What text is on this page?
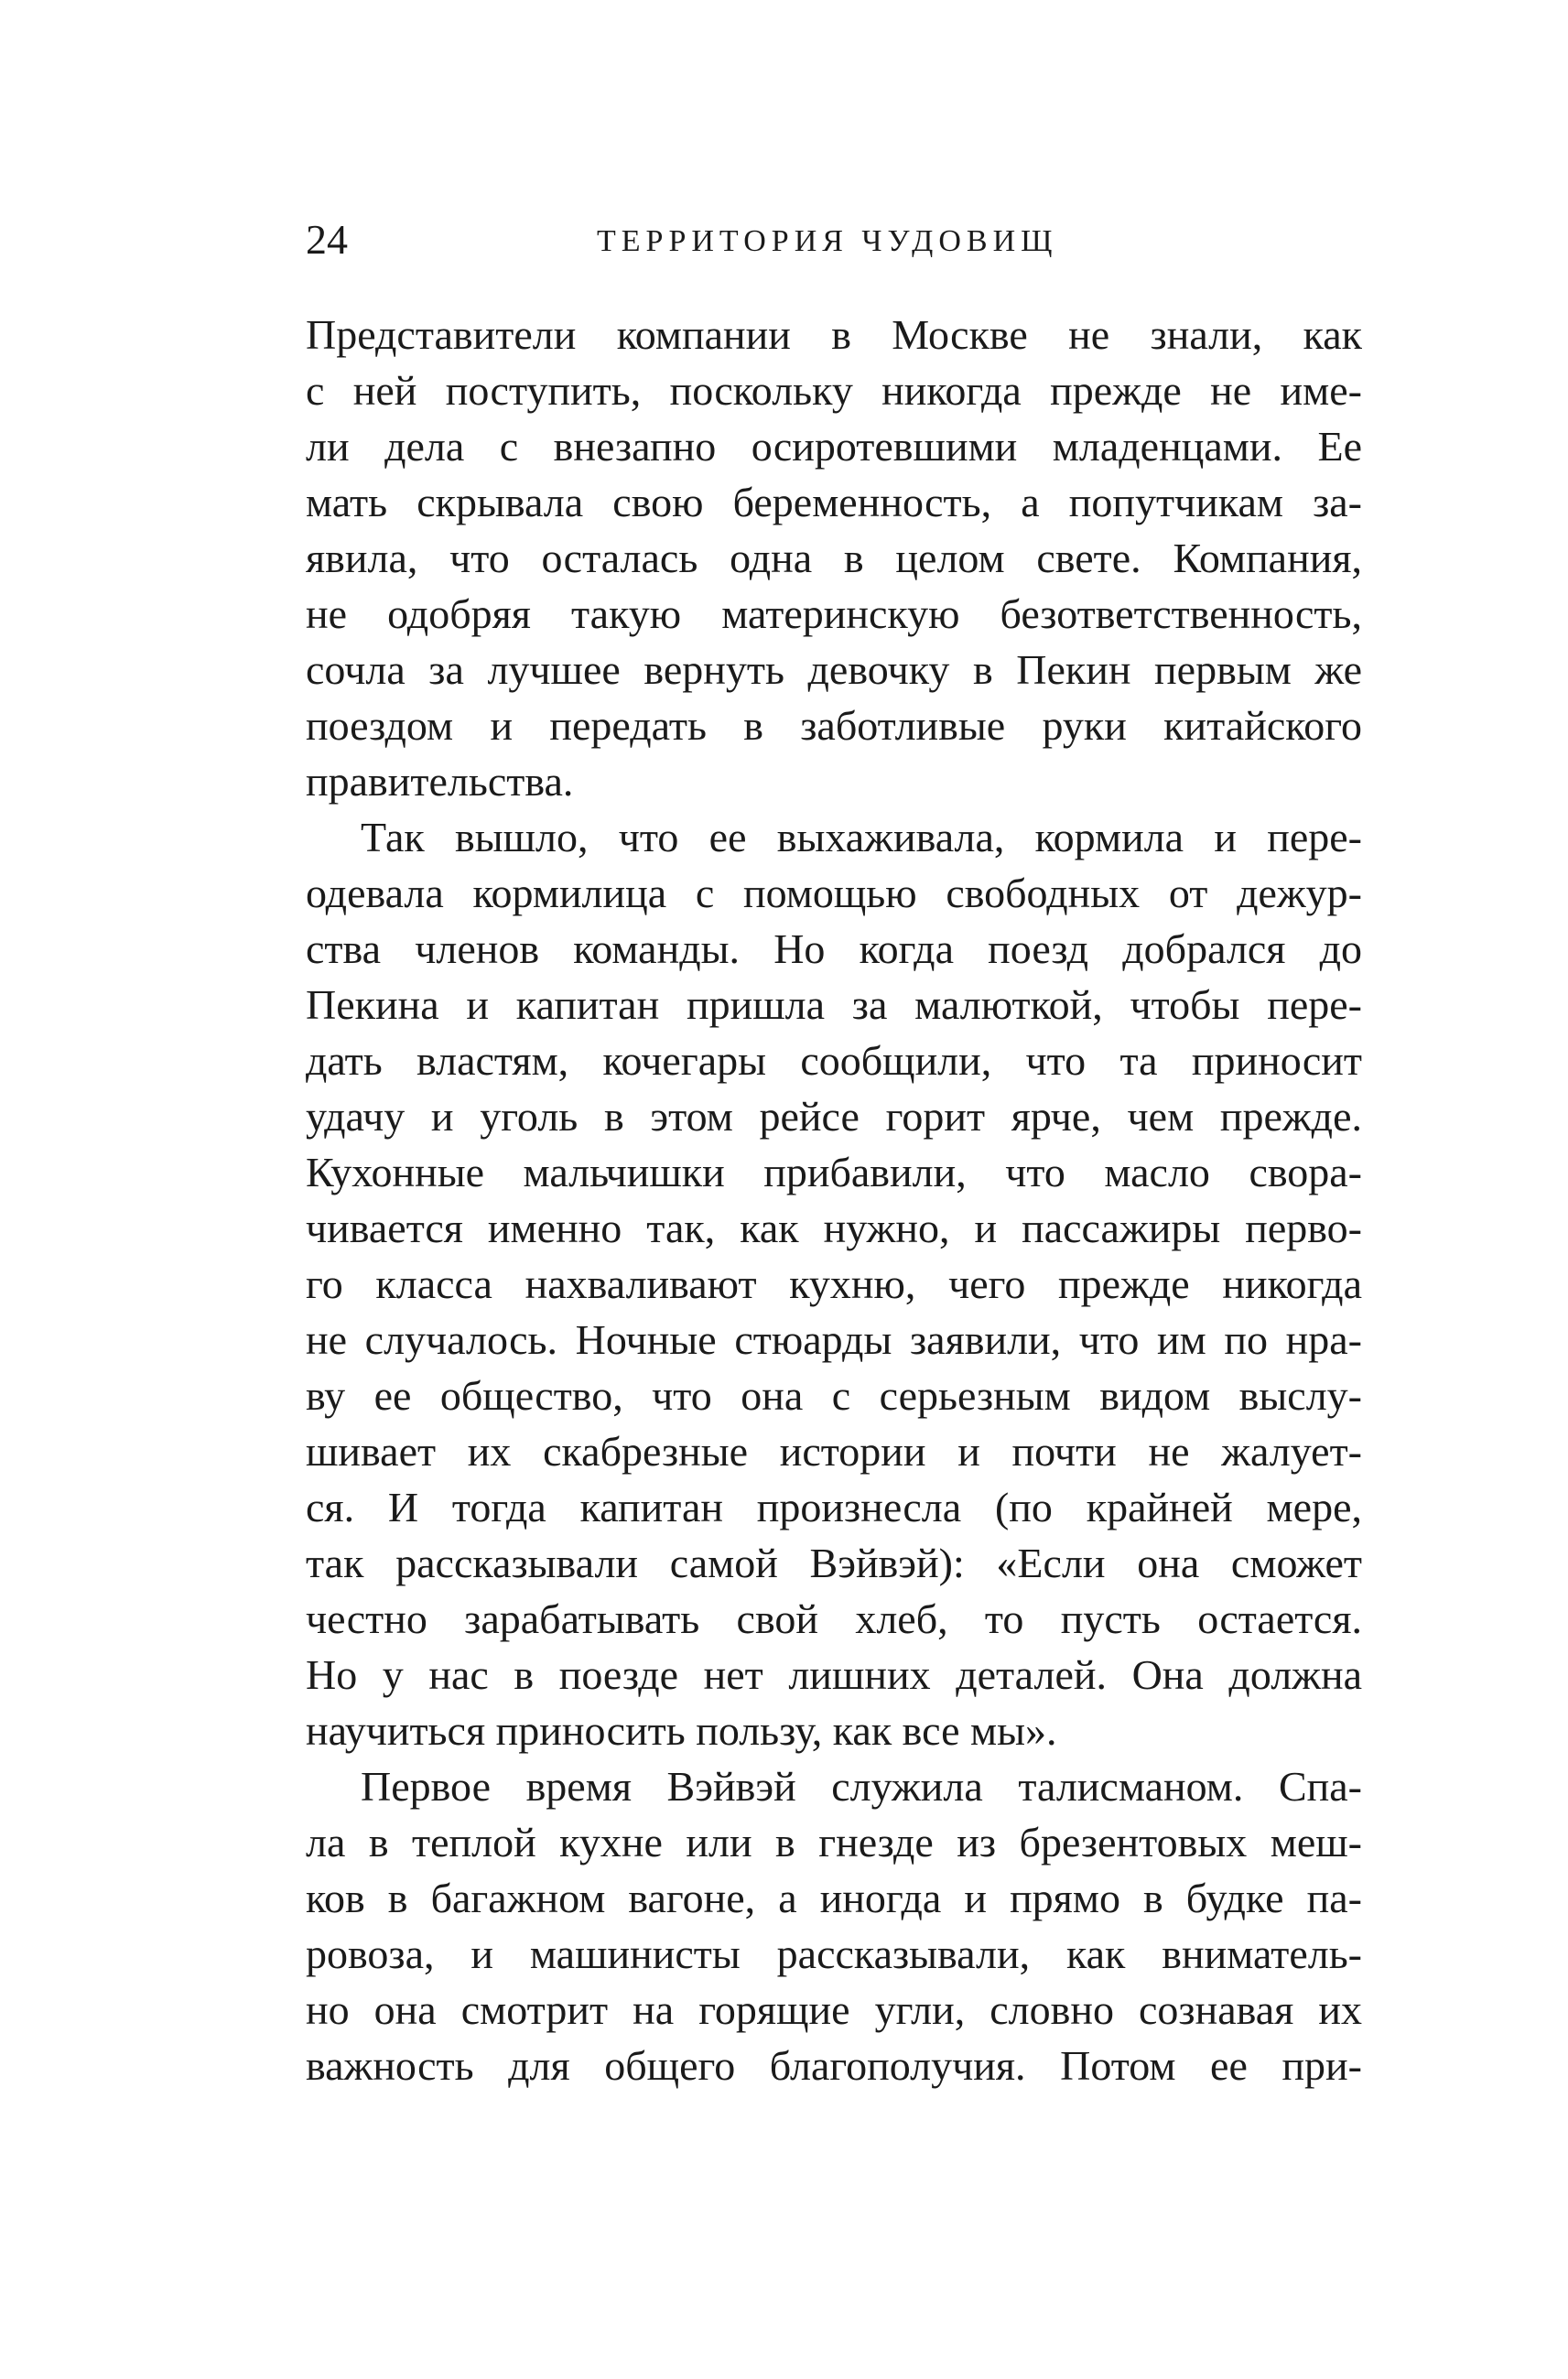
24	ТЕРРИТОРИЯ ЧУДОВИЩ
Представители компании в Москве не знали, как
с ней поступить, поскольку никогда прежде не име-
ли дела с внезапно осиротевшими младенцами. Ее
мать скрывала свою беременность, а попутчикам за-
явила, что осталась одна в целом свете. Компания,
не одобряя такую материнскую безответственность,
сочла за лучшее вернуть девочку в Пекин первым же
поездом и передать в заботливые руки китайского
правительства.
Так вышло, что ее выхаживала, кормила и пере-
одевала кормилица с помощью свободных от дежур-
ства членов команды. Но когда поезд добрался до
Пекина и капитан пришла за малюткой, чтобы пере-
дать властям, кочегары сообщили, что та приносит
удачу и уголь в этом рейсе горит ярче, чем прежде.
Кухонные мальчишки прибавили, что масло свора-
чивается именно так, как нужно, и пассажиры перво-
го класса нахваливают кухню, чего прежде никогда
не случалось. Ночные стюарды заявили, что им по нра-
ву ее общество, что она с серьезным видом выслу-
шивает их скабрезные истории и почти не жалует-
ся. И тогда капитан произнесла (по крайней мере,
так рассказывали самой Вэйвэй): «Если она сможет
честно зарабатывать свой хлеб, то пусть остается.
Но у нас в поезде нет лишних деталей. Она должна
научиться приносить пользу, как все мы».
Первое время Вэйвэй служила талисманом. Спа-
ла в теплой кухне или в гнезде из брезентовых меш-
ков в багажном вагоне, а иногда и прямо в будке па-
ровоза, и машинисты рассказывали, как вниматель-
но она смотрит на горящие угли, словно сознавая их
важность для общего благополучия. Потом ее при-
